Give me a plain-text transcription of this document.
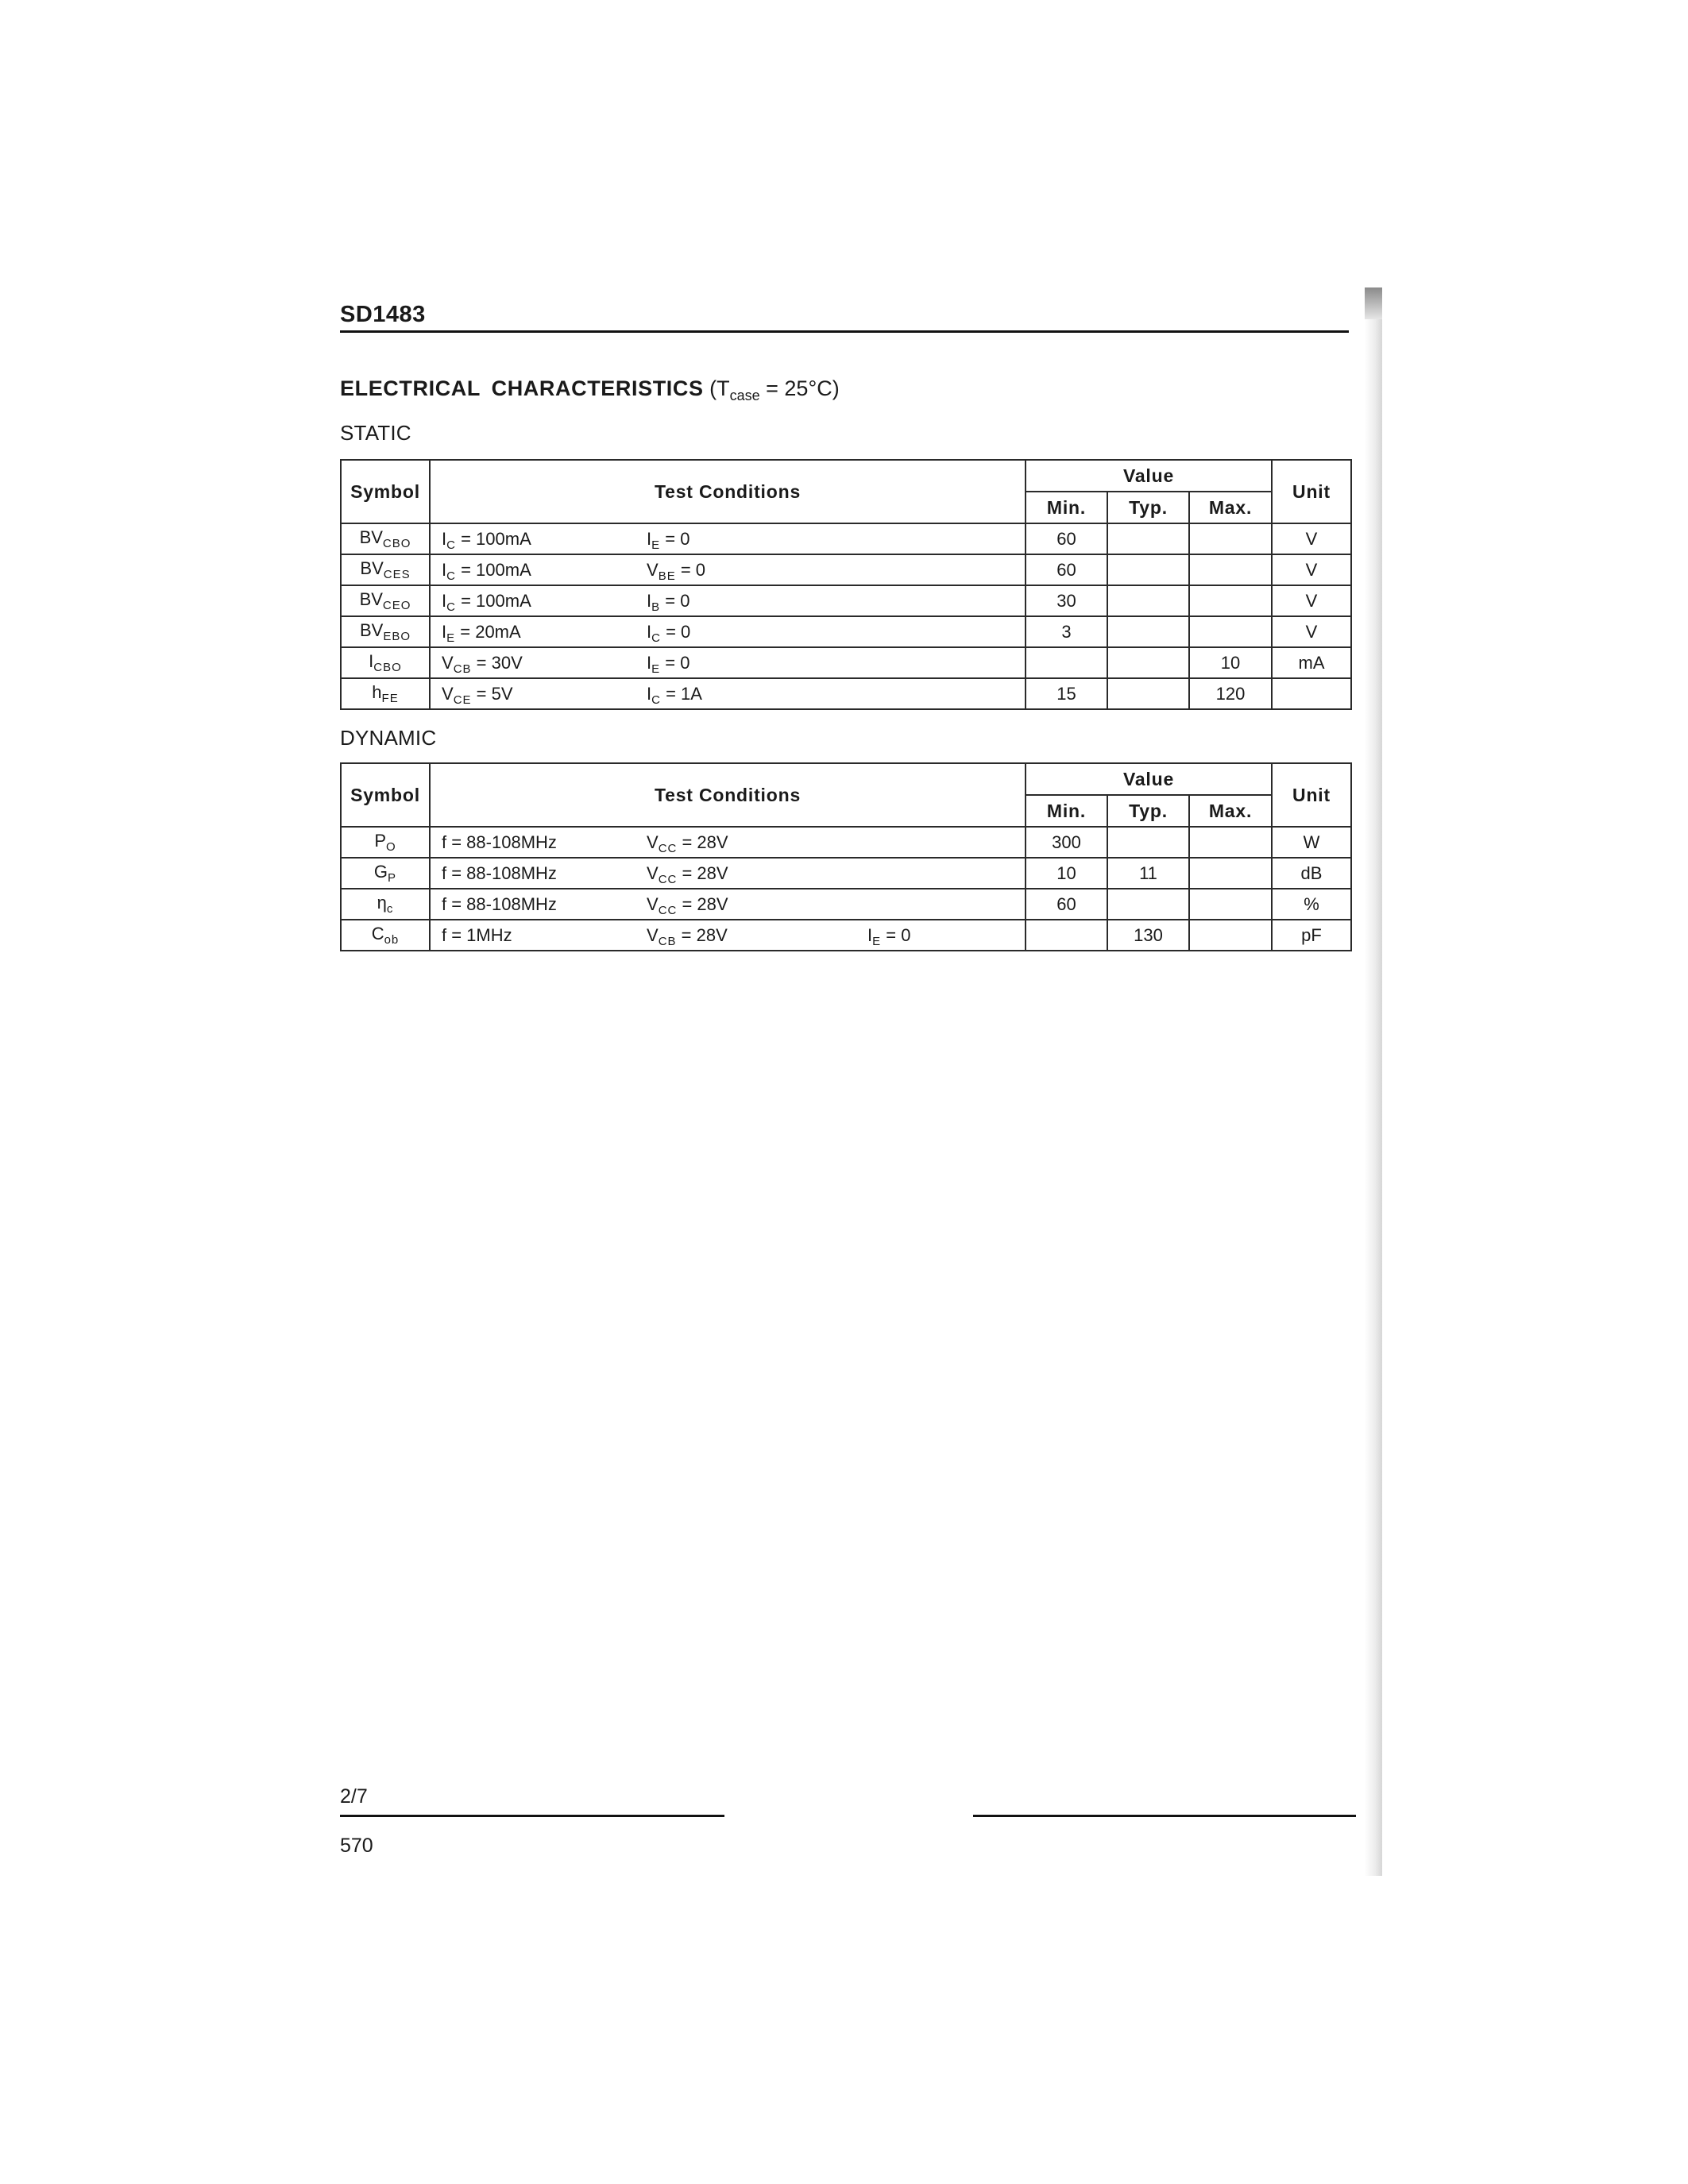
SD1483
ELECTRICAL CHARACTERISTICS $(T_{case} = 25^\circ C)$
STATIC
Symbol	Test Conditions	Value			Unit
		Min.	Typ.	Max.	
$BV_{CBO}$	$I_C = 100mA$ $I_E = 0$	60			V
$BV_{CES}$	$I_C = 100mA$ $V_{BE} = 0$	60			V
$BV_{CEO}$	$I_C = 100mA$ $I_B = 0$	30			V
$BV_{EBO}$	$I_E = 20mA$ $I_C = 0$	3			V
$I_{CBO}$	$V_{CB} = 30V$ $I_E = 0$			10	mA
$h_{FE}$	$V_{CE} = 5V$ $I_C = 1A$	15		120	
DYNAMIC
Symbol	Test Conditions	Value			Unit
		Min.	Typ.	Max.	
$P_O$	f = 88-108MHz $V_{CC} = 28V$	300			W
$G_P$	f = 88-108MHz $V_{CC} = 28V$	10	11		dB
$\eta_c$	f = 88-108MHz $V_{CC} = 28V$	60			%
$C_{ob}$	f = 1MHz $V_{CB} = 28V$ $I_E = 0$		130		pF
2/7
570
